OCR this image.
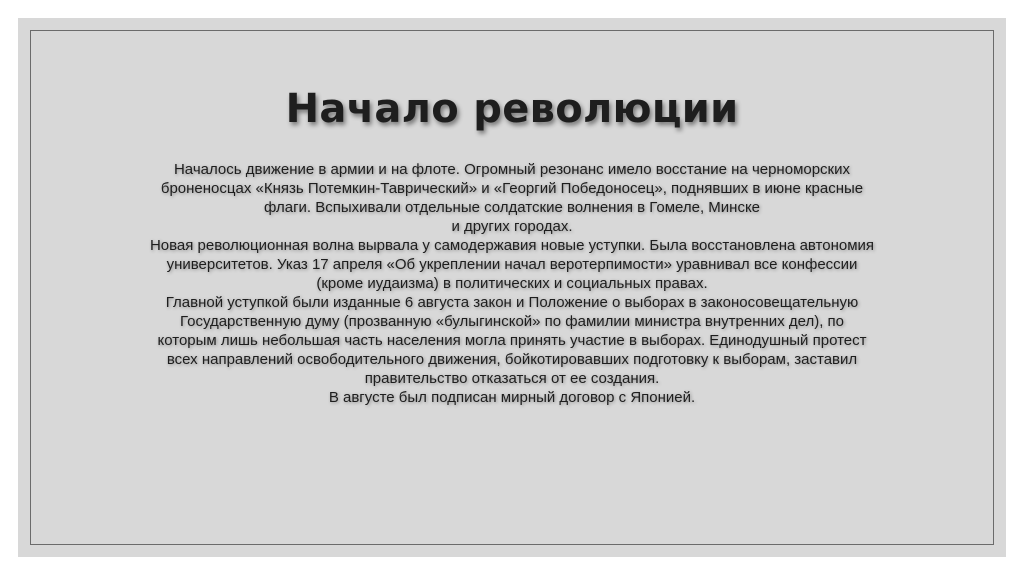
Начало революции

Началось движение в армии и на флоте. Огромный резонанс имело восстание на черноморских
броненосцах «Князь Потемкин-Таврический» и «Георгий Победоносец», поднявших в июне красные
флаги. Вспыхивали отдельные солдатские волнения в Гомеле, Минске
и других городах.

Новая революционная волна вырвала у самодержавия новые уступки. Была восстановлена автономия
университетов. Указ 17 апреля «Об укреплении начал веротерпимости» уравнивал все конфессии
(кроме иудаизма) в политических и социальных правах.

Главной уступкой были изданные 6 августа закон и Положение о выборах в законосовещательную
Государственную думу (прозванную «булыгинской» по фамилии министра внутренних дел), по
которым лишь небольшая часть населения могла принять участие в выборах. Единодушный протест
всех направлений освободительного движения, бойкотировавших подготовку к выборам, заставил
правительство отказаться от ее создания.

В августе был подписан мирный договор с Японией.
